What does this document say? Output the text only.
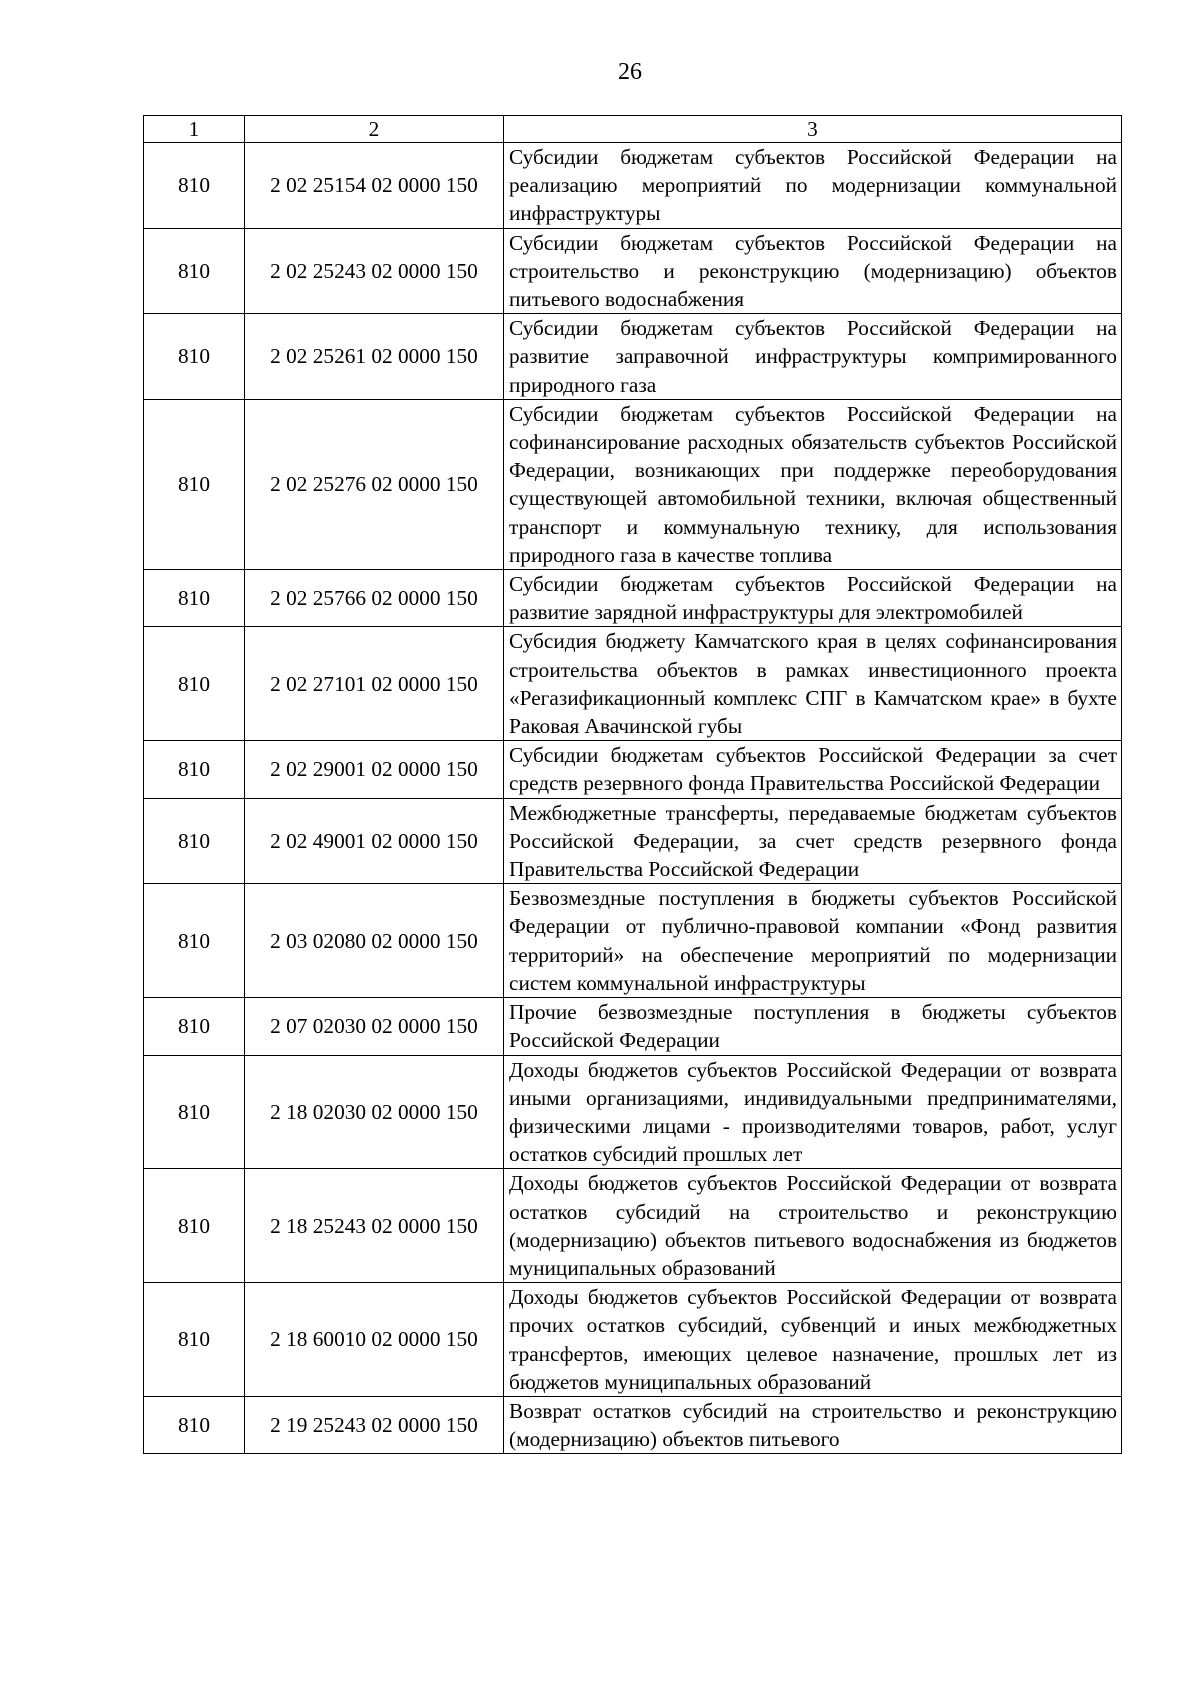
26
1	2	3
810	2 02 25154 02 0000 150	Субсидии бюджетам субъектов Российской Федерации на реализацию мероприятий по модернизации коммунальной инфраструктуры
810	2 02 25243 02 0000 150	Субсидии бюджетам субъектов Российской Федерации на строительство и реконструкцию (модернизацию) объектов питьевого водоснабжения
810	2 02 25261 02 0000 150	Субсидии бюджетам субъектов Российской Федерации на развитие заправочной инфраструктуры компримированного природного газа
810	2 02 25276 02 0000 150	Субсидии бюджетам субъектов Российской Федерации на софинансирование расходных обязательств субъектов Российской Федерации, возникающих при поддержке переоборудования существующей автомобильной техники, включая общественный транспорт и коммунальную технику, для использования природного газа в качестве топлива
810	2 02 25766 02 0000 150	Субсидии бюджетам субъектов Российской Федерации на развитие зарядной инфраструктуры для электромобилей
810	2 02 27101 02 0000 150	Субсидия бюджету Камчатского края в целях софинансирования строительства объектов в рамках инвестиционного проекта «Регазификационный комплекс СПГ в Камчатском крае» в бухте Раковая Авачинской губы
810	2 02 29001 02 0000 150	Субсидии бюджетам субъектов Российской Федерации за счет средств резервного фонда Правительства Российской Федерации
810	2 02 49001 02 0000 150	Межбюджетные трансферты, передаваемые бюджетам субъектов Российской Федерации, за счет средств резервного фонда Правительства Российской Федерации
810	2 03 02080 02 0000 150	Безвозмездные поступления в бюджеты субъектов Российской Федерации от публично-правовой компании «Фонд развития территорий» на обеспечение мероприятий по модернизации систем коммунальной инфраструктуры
810	2 07 02030 02 0000 150	Прочие безвозмездные поступления в бюджеты субъектов Российской Федерации
810	2 18 02030 02 0000 150	Доходы бюджетов субъектов Российской Федерации от возврата иными организациями, индивидуальными предпринимателями, физическими лицами - производителями товаров, работ, услуг остатков субсидий прошлых лет
810	2 18 25243 02 0000 150	Доходы бюджетов субъектов Российской Федерации от возврата остатков субсидий на строительство и реконструкцию (модернизацию) объектов питьевого водоснабжения из бюджетов муниципальных образований
810	2 18 60010 02 0000 150	Доходы бюджетов субъектов Российской Федерации от возврата прочих остатков субсидий, субвенций и иных межбюджетных трансфертов, имеющих целевое назначение, прошлых лет из бюджетов муниципальных образований
810	2 19 25243 02 0000 150	Возврат остатков субсидий на строительство и реконструкцию (модернизацию) объектов питьевого
